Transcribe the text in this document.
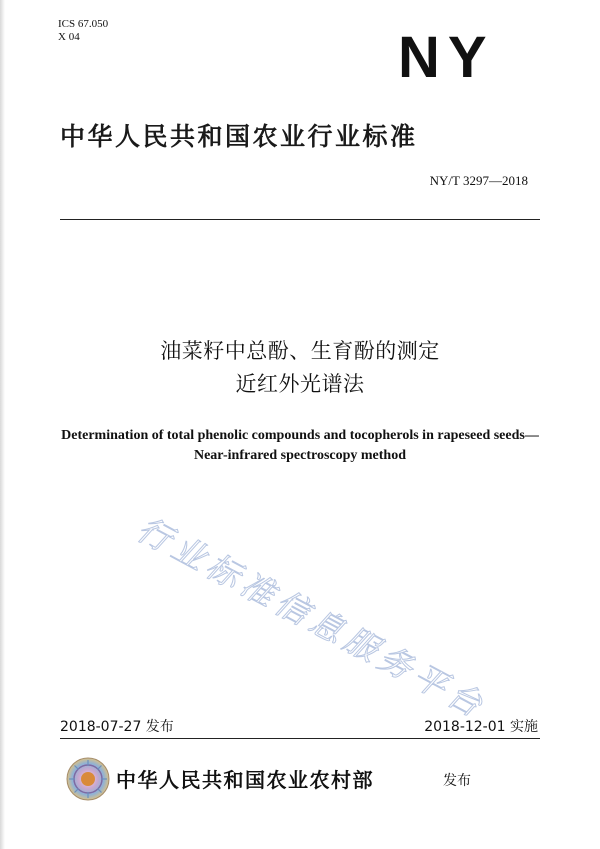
ICS 67.050
X 04	NY
中华人民共和国农业行业标准
NY/T 3297—2018
油菜籽中总酚、生育酚的测定
近红外光谱法
Determination of total phenolic compounds and tocopherols in rapeseed seeds—
Near-infrared spectroscopy method
行业标准信息服务平台
2018-07-27 发布	2018-12-01 实施
中华人民共和国农业农村部	发布
